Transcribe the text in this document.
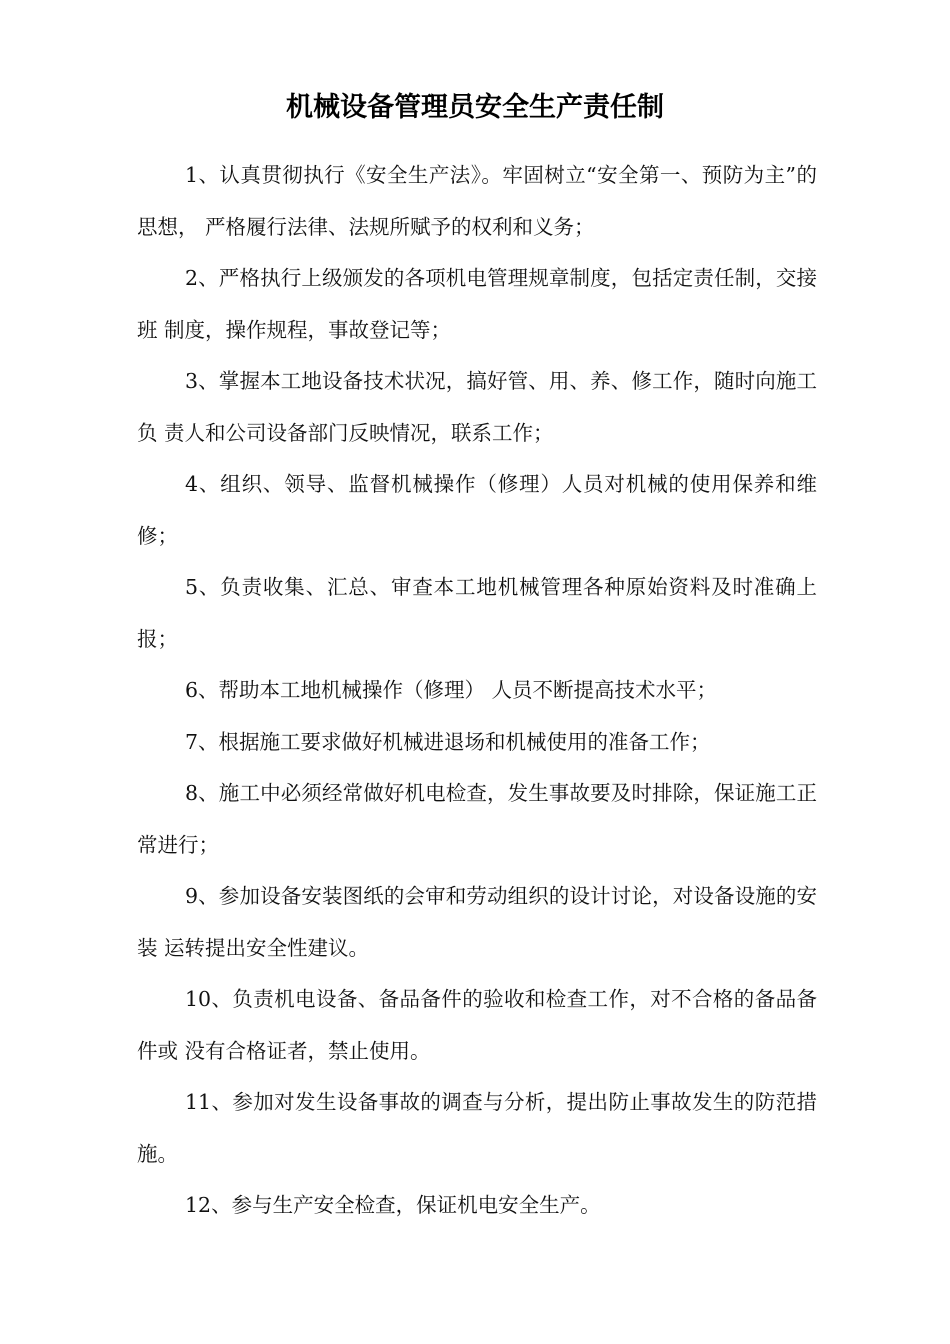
机械设备管理员安全生产责任制

1、认真贯彻执行《安全生产法》。牢固树立“安全第一、预防为主”的思想， 严格履行法律、法规所赋予的权利和义务；

2、严格执行上级颁发的各项机电管理规章制度，包括定责任制，交接班 制度，操作规程，事故登记等；

3、掌握本工地设备技术状况，搞好管、用、养、修工作，随时向施工负 责人和公司设备部门反映情况，联系工作；

4、组织、领导、监督机械操作（修理）人员对机械的使用保养和维修；

5、负责收集、汇总、审查本工地机械管理各种原始资料及时准确上报；

6、帮助本工地机械操作（修理） 人员不断提高技术水平；

7、根据施工要求做好机械进退场和机械使用的准备工作；

8、施工中必须经常做好机电检查，发生事故要及时排除，保证施工正常进行；

9、参加设备安装图纸的会审和劳动组织的设计讨论，对设备设施的安装 运转提出安全性建议。

10、负责机电设备、备品备件的验收和检查工作，对不合格的备品备件或 没有合格证者，禁止使用。

11、参加对发生设备事故的调查与分析，提出防止事故发生的防范措施。

12、参与生产安全检查，保证机电安全生产。
